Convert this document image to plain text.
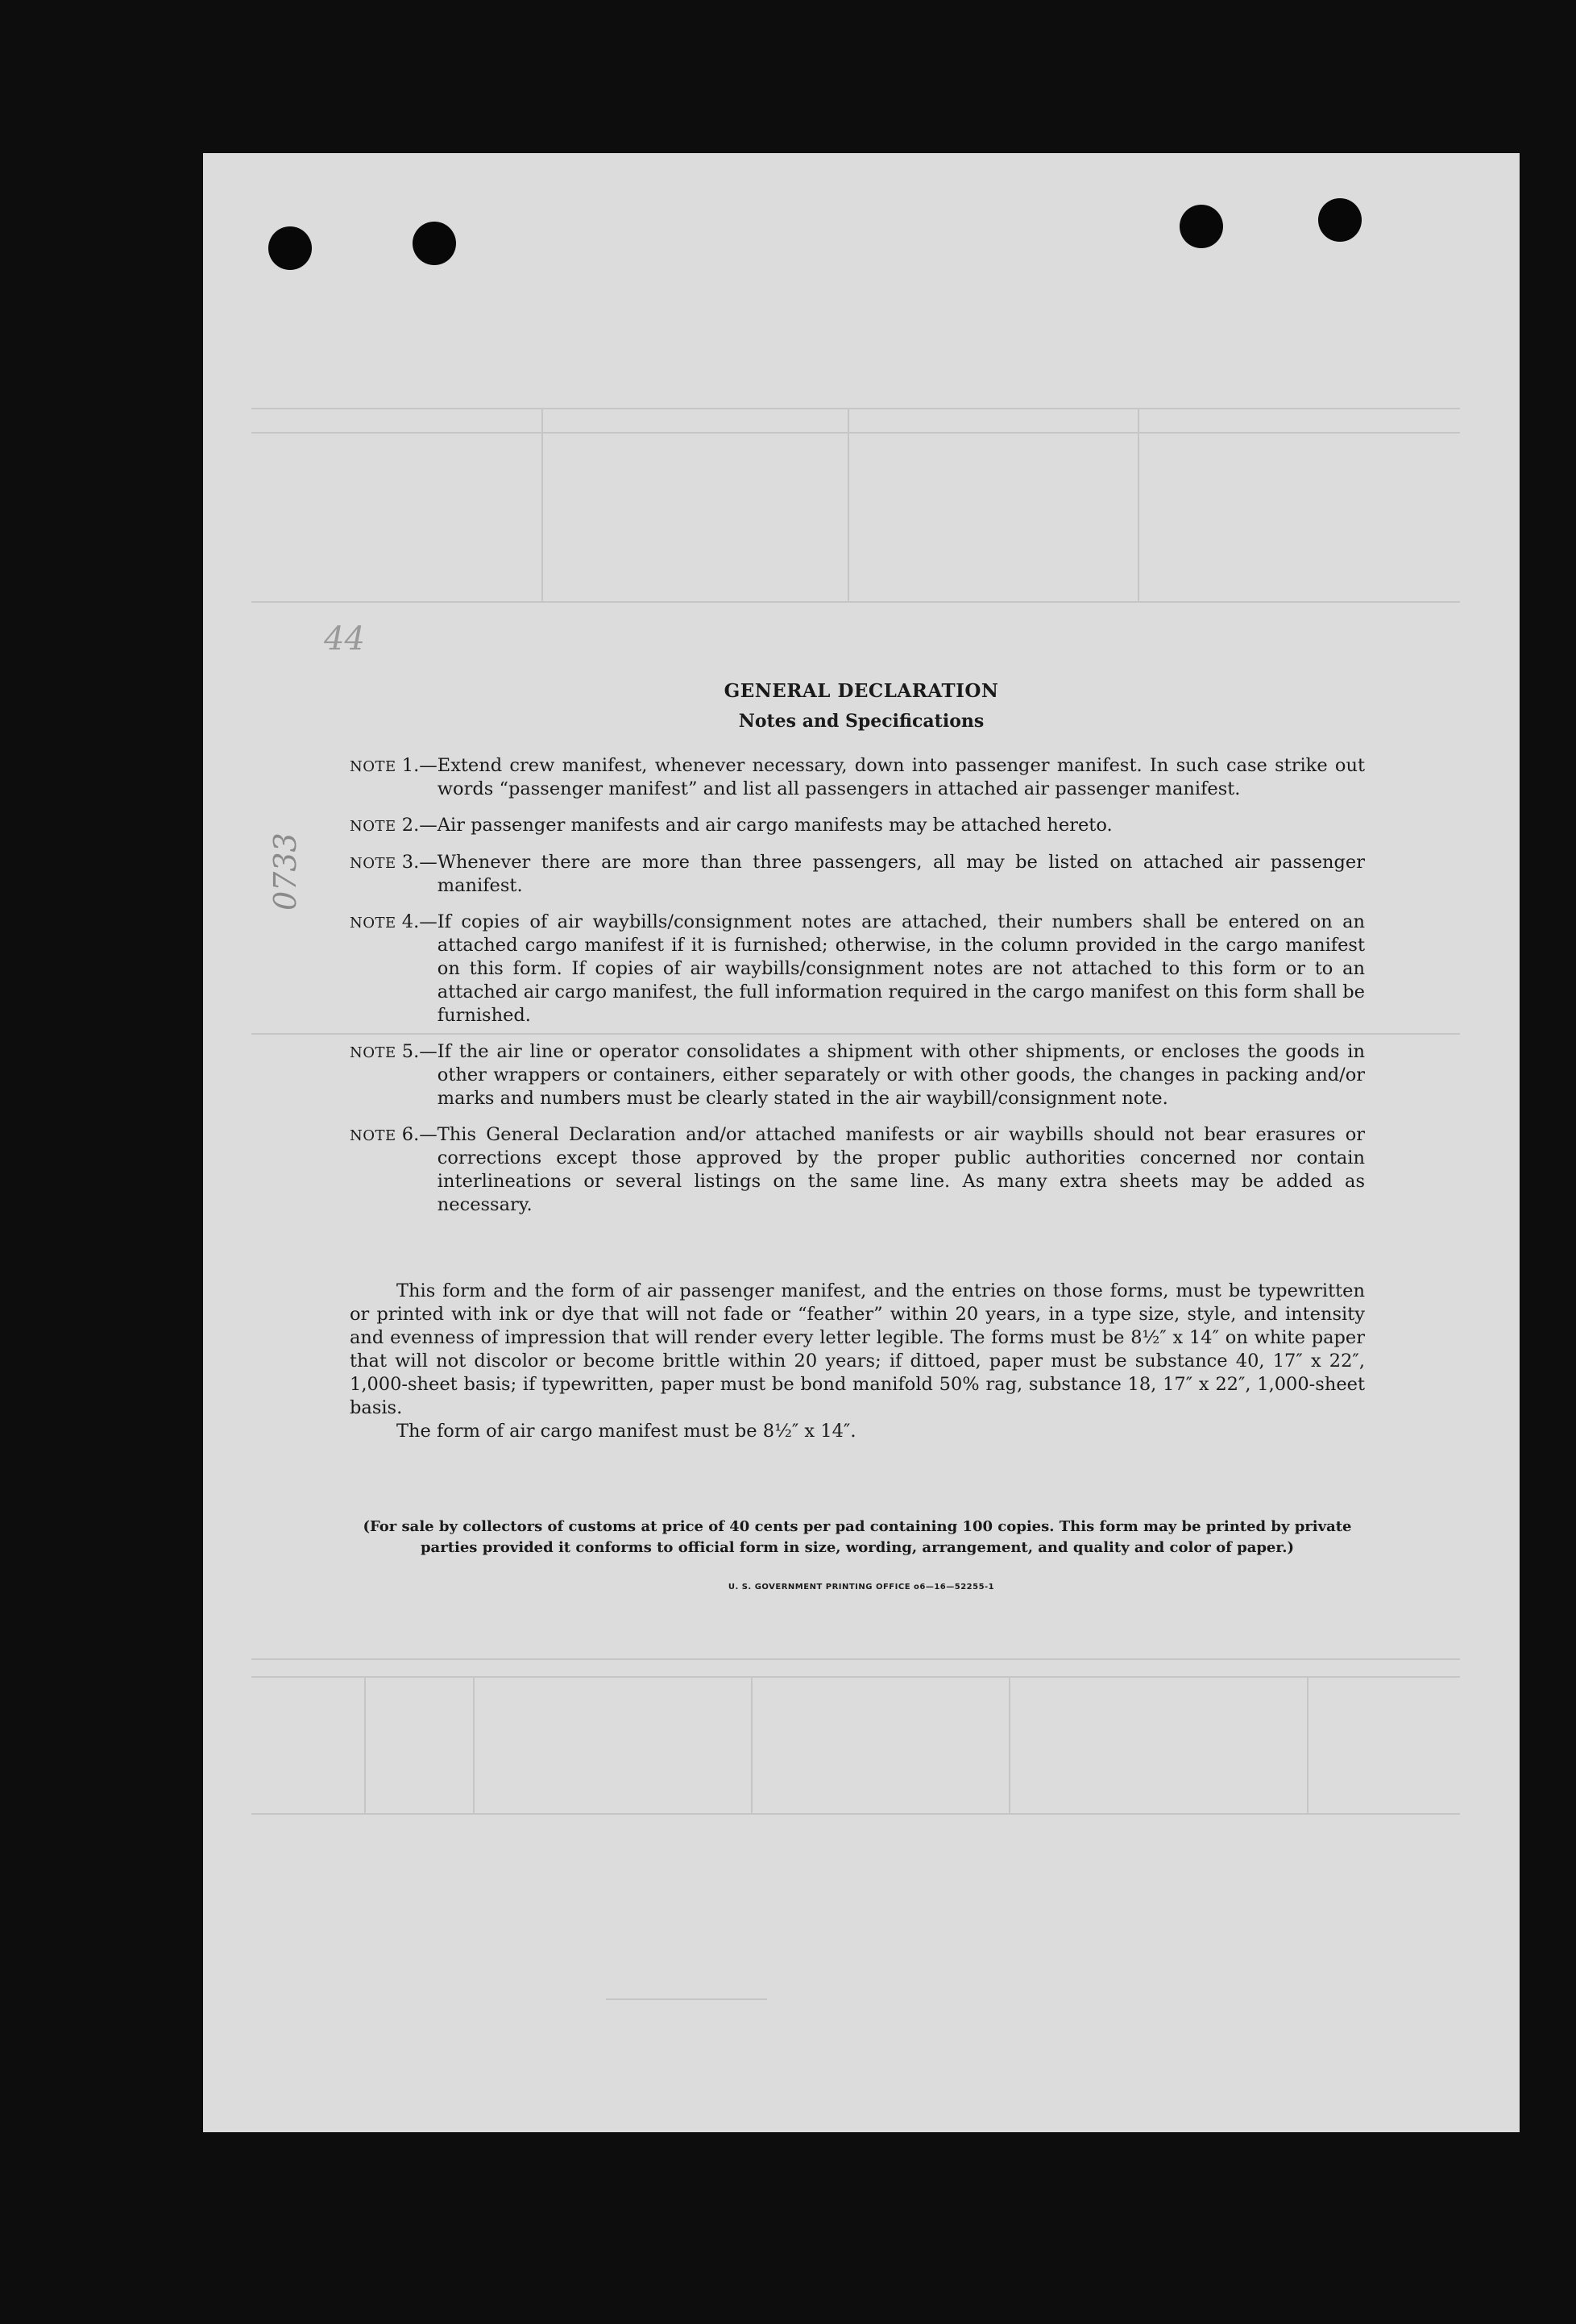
GENERAL DECLARATION
Notes and Specifications
NOTE 1.— Extend crew manifest, whenever necessary, down into passenger manifest. In such case strike out words “passenger manifest” and list all passengers in attached air passenger manifest.
NOTE 2.— Air passenger manifests and air cargo manifests may be attached hereto.
NOTE 3.— Whenever there are more than three passengers, all may be listed on attached air passenger manifest.
NOTE 4.— If copies of air waybills/consignment notes are attached, their numbers shall be entered on an attached cargo manifest if it is furnished; otherwise, in the column provided in the cargo manifest on this form. If copies of air waybills/consignment notes are not attached to this form or to an attached air cargo manifest, the full information required in the cargo manifest on this form shall be furnished.
NOTE 5.— If the air line or operator consolidates a shipment with other shipments, or encloses the goods in other wrappers or containers, either separately or with other goods, the changes in packing and/or marks and numbers must be clearly stated in the air waybill/consignment note.
NOTE 6.— This General Declaration and/or attached manifests or air waybills should not bear erasures or corrections except those approved by the proper public authorities concerned nor contain interlineations or several listings on the same line. As many extra sheets may be added as necessary.

This form and the form of air passenger manifest, and the entries on those forms, must be typewritten or printed with ink or dye that will not fade or “feather” within 20 years, in a type size, style, and intensity and evenness of impression that will render every letter legible. The forms must be 8½″ x 14″ on white paper that will not discolor or become brittle within 20 years; if dittoed, paper must be substance 40, 17″ x 22″, 1,000-sheet basis; if typewritten, paper must be bond manifold 50% rag, substance 18, 17″ x 22″, 1,000-sheet basis.

The form of air cargo manifest must be 8½″ x 14″.

(For sale by collectors of customs at price of 40 cents per pad containing 100 copies. This form may be printed by private parties provided it conforms to official form in size, wording, arrangement, and quality and color of paper.)
U. S. GOVERNMENT PRINTING OFFICE o6—16—52255-1
44
0733
